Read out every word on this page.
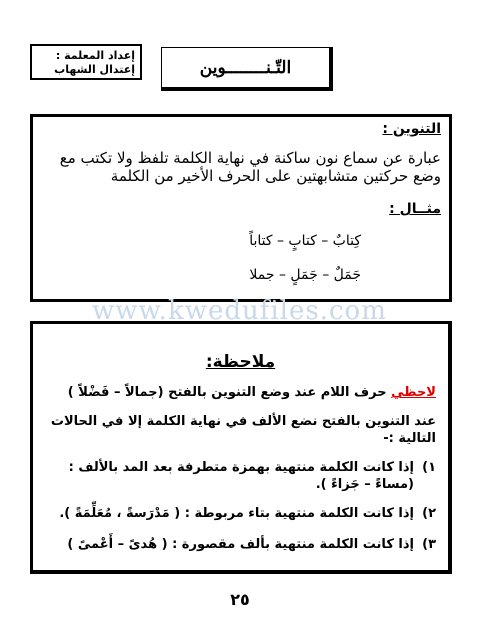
إعداد المعلمة :
إعتدال الشهاب	التّـنــــــــوين
التنوين :
عبارة عن سماع نون ساكنة في نهاية الكلمة تلفظ ولا تكتب مع وضع حركتين متشابهتين على الحرف الأخير من الكلمة
مثــال :
كِتابٌ – كتابٍ – كتاباً
جَمَلٌ – جَمَلٍ – جملا
www.kwedufiles.com
ملاحظة:
لاحظي حرف اللام عند وضع التنوين بالفتح (جمالاً – فَضْلاً )
عند التنوين بالفتح نضع الألف في نهاية الكلمة إلا في الحالات التالية :-
١)
إذا كانت الكلمة منتهية بهمزة متطرفة بعد المد بالألف : (مساءً – جَزاءً ).
٢)
إذا كانت الكلمة منتهية بتاء مربوطة : ( مَدْرَسةً ، مُعَلِّمَةً ).
٣)
إذا كانت الكلمة منتهية بألف مقصورة : ( هُدىً – أَعْمىً )
٢٥
